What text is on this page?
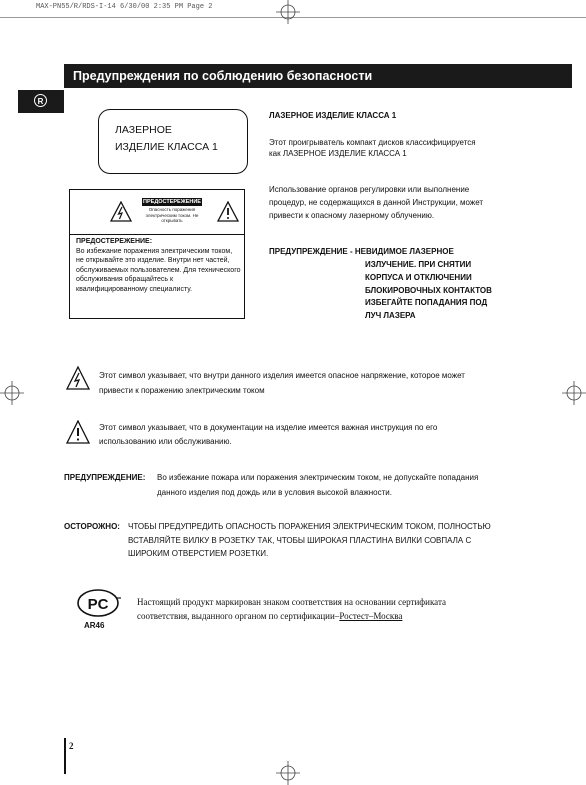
MAX-PN55/R/RDS-I-14 6/30/00 2:35 PM Page 2
Предупреждения по соблюдению безопасности
R
ЛАЗЕРНОЕ
ИЗДЕЛИЕ КЛАССА 1
ПРЕДОСТЕРЕЖЕНИЕ
Опасность поражения электрическим током. Не открывать
ПРЕДОСТЕРЕЖЕНИЕ:
Во избежание поражения электрическим током, не открывайте это изделие. Внутри нет частей, обслуживаемых пользователем. Для технического обслуживания обращайтесь к квалифицированному специалисту.
ЛАЗЕРНОЕ ИЗДЕЛИЕ КЛАССА 1
Этот проигрыватель компакт дисков классифицируется
как ЛАЗЕРНОЕ ИЗДЕЛИЕ КЛАССА 1
Использование органов регулировки или выполнение
процедур, не содержащихся в данной Инструкции, может
привести к опасному лазерному облучению.
ПРЕДУПРЕЖДЕНИЕ - НЕВИДИМОЕ ЛАЗЕРНОЕ
ИЗЛУЧЕНИЕ. ПРИ СНЯТИИ
КОРПУСА И ОТКЛЮЧЕНИИ
БЛОКИРОВОЧНЫХ КОНТАКТОВ
ИЗБЕГАЙТЕ ПОПАДАНИЯ ПОД
ЛУЧ ЛАЗЕРА
Этот символ указывает, что внутри данного изделия имеется опасное напряжение, которое может
привести к поражению электрическим током
Этот символ указывает, что в документации на изделие имеется важная инструкция по его
использованию или обслуживанию.
ПРЕДУПРЕЖДЕНИЕ: Во избежание пожара или поражения электрическим током, не допускайте попадания
данного изделия под дождь или в условия высокой влажности.
ОСТОРОЖНО: ЧТОБЫ ПРЕДУПРЕДИТЬ ОПАСНОСТЬ ПОРАЖЕНИЯ ЭЛЕКТРИЧЕСКИМ ТОКОМ, ПОЛНОСТЬЮ
ВСТАВЛЯЙТЕ ВИЛКУ В РОЗЕТКУ ТАК, ЧТОБЫ ШИРОКАЯ ПЛАСТИНА ВИЛКИ СОВПАЛА С
ШИРОКИМ ОТВЕРСТИЕМ РОЗЕТКИ.
PC
AR46
Настоящий продукт маркирован знаком соответствия на основании сертификата
соответствия, выданного органом по сертификации–Ростест–Москва
2
